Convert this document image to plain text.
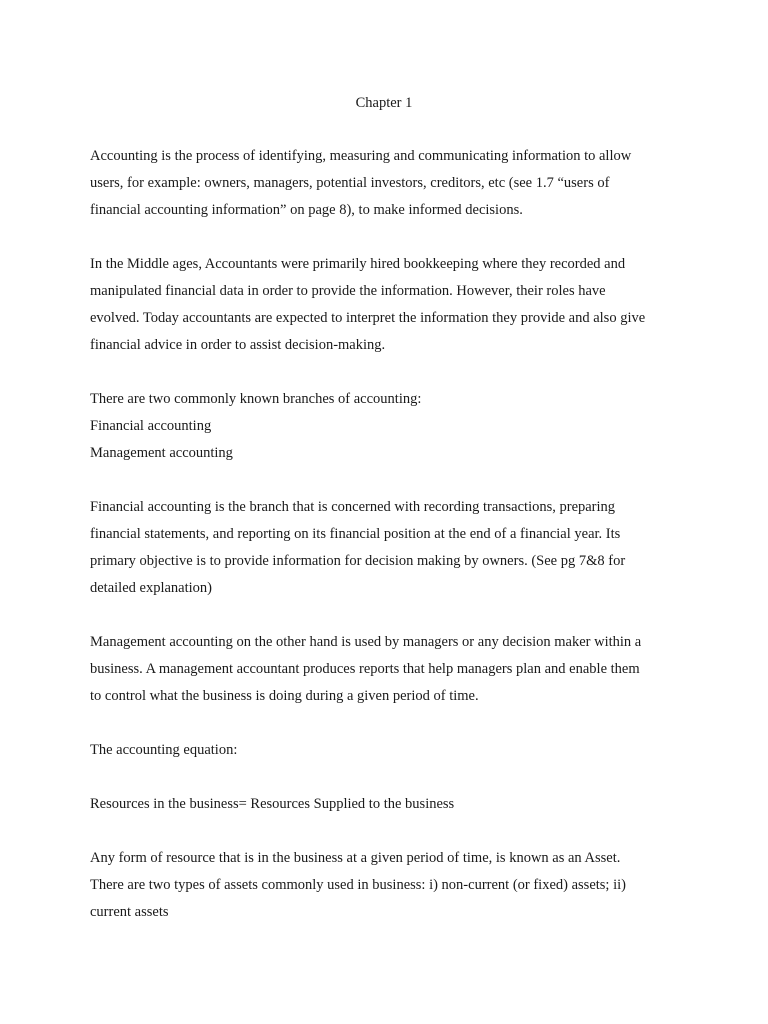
Chapter 1

Accounting is the process of identifying, measuring and communicating information to allow
users, for example: owners, managers, potential investors, creditors, etc (see 1.7 “users of
financial accounting information” on page 8), to make informed decisions.

In the Middle ages, Accountants were primarily hired bookkeeping where they recorded and
manipulated financial data in order to provide the information. However, their roles have
evolved. Today accountants are expected to interpret the information they provide and also give
financial advice in order to assist decision-making.

There are two commonly known branches of accounting:
Financial accounting
Management accounting

Financial accounting is the branch that is concerned with recording transactions, preparing
financial statements, and reporting on its financial position at the end of a financial year. Its
primary objective is to provide information for decision making by owners. (See pg 7&8 for
detailed explanation)

Management accounting on the other hand is used by managers or any decision maker within a
business. A management accountant produces reports that help managers plan and enable them
to control what the business is doing during a given period of time.

The accounting equation:

Resources in the business= Resources Supplied to the business

Any form of resource that is in the business at a given period of time, is known as an Asset.
There are two types of assets commonly used in business: i) non-current (or fixed) assets; ii)
current assets
